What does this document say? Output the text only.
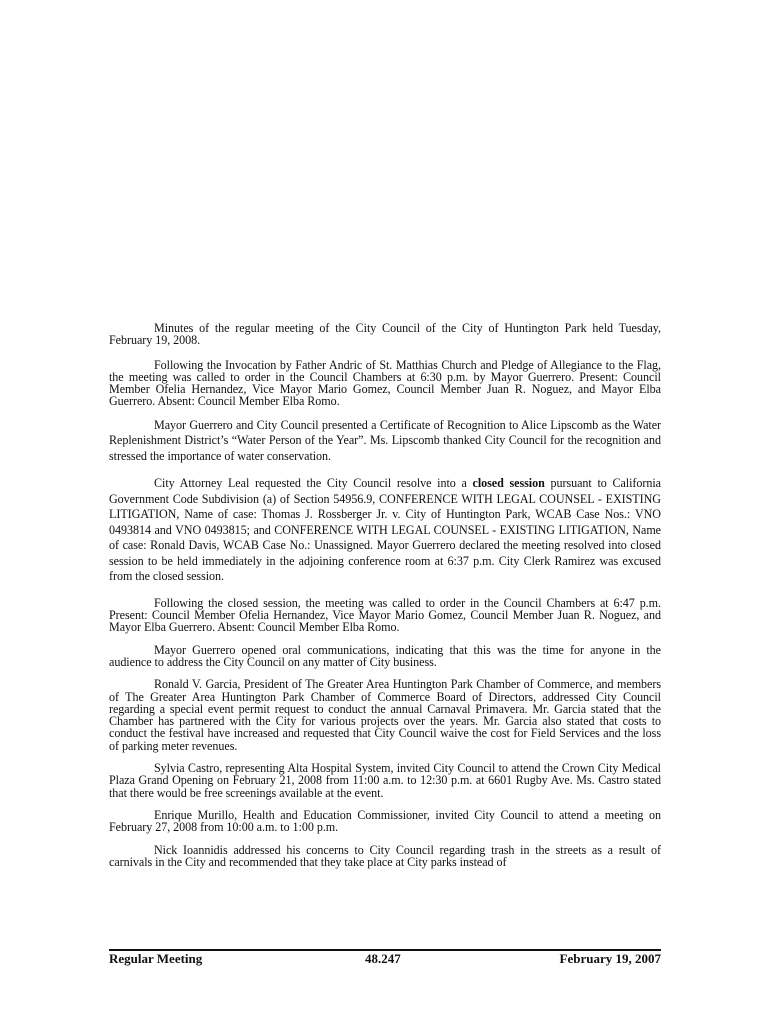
Minutes of the regular meeting of the City Council of the City of Huntington Park held Tuesday, February 19, 2008.

Following the Invocation by Father Andric of St. Matthias Church and Pledge of Allegiance to the Flag, the meeting was called to order in the Council Chambers at 6:30 p.m. by Mayor Guerrero. Present: Council Member Ofelia Hernandez, Vice Mayor Mario Gomez, Council Member Juan R. Noguez, and Mayor Elba Guerrero. Absent: Council Member Elba Romo.

Mayor Guerrero and City Council presented a Certificate of Recognition to Alice Lipscomb as the Water Replenishment District’s “Water Person of the Year”. Ms. Lipscomb thanked City Council for the recognition and stressed the importance of water conservation.

City Attorney Leal requested the City Council resolve into a closed session pursuant to California Government Code Subdivision (a) of Section 54956.9, CONFERENCE WITH LEGAL COUNSEL - EXISTING LITIGATION, Name of case: Thomas J. Rossberger Jr. v. City of Huntington Park, WCAB Case Nos.: VNO 0493814 and VNO 0493815; and CONFERENCE WITH LEGAL COUNSEL - EXISTING LITIGATION, Name of case: Ronald Davis, WCAB Case No.: Unassigned. Mayor Guerrero declared the meeting resolved into closed session to be held immediately in the adjoining conference room at 6:37 p.m. City Clerk Ramirez was excused from the closed session.

Following the closed session, the meeting was called to order in the Council Chambers at 6:47 p.m. Present: Council Member Ofelia Hernandez, Vice Mayor Mario Gomez, Council Member Juan R. Noguez, and Mayor Elba Guerrero. Absent: Council Member Elba Romo.

Mayor Guerrero opened oral communications, indicating that this was the time for anyone in the audience to address the City Council on any matter of City business.

Ronald V. Garcia, President of The Greater Area Huntington Park Chamber of Commerce, and members of The Greater Area Huntington Park Chamber of Commerce Board of Directors, addressed City Council regarding a special event permit request to conduct the annual Carnaval Primavera. Mr. Garcia stated that the Chamber has partnered with the City for various projects over the years. Mr. Garcia also stated that costs to conduct the festival have increased and requested that City Council waive the cost for Field Services and the loss of parking meter revenues.

Sylvia Castro, representing Alta Hospital System, invited City Council to attend the Crown City Medical Plaza Grand Opening on February 21, 2008 from 11:00 a.m. to 12:30 p.m. at 6601 Rugby Ave. Ms. Castro stated that there would be free screenings available at the event.

Enrique Murillo, Health and Education Commissioner, invited City Council to attend a meeting on February 27, 2008 from 10:00 a.m. to 1:00 p.m.

Nick Ioannidis addressed his concerns to City Council regarding trash in the streets as a result of carnivals in the City and recommended that they take place at City parks instead of

Regular Meeting	48.247	February 19, 2007
